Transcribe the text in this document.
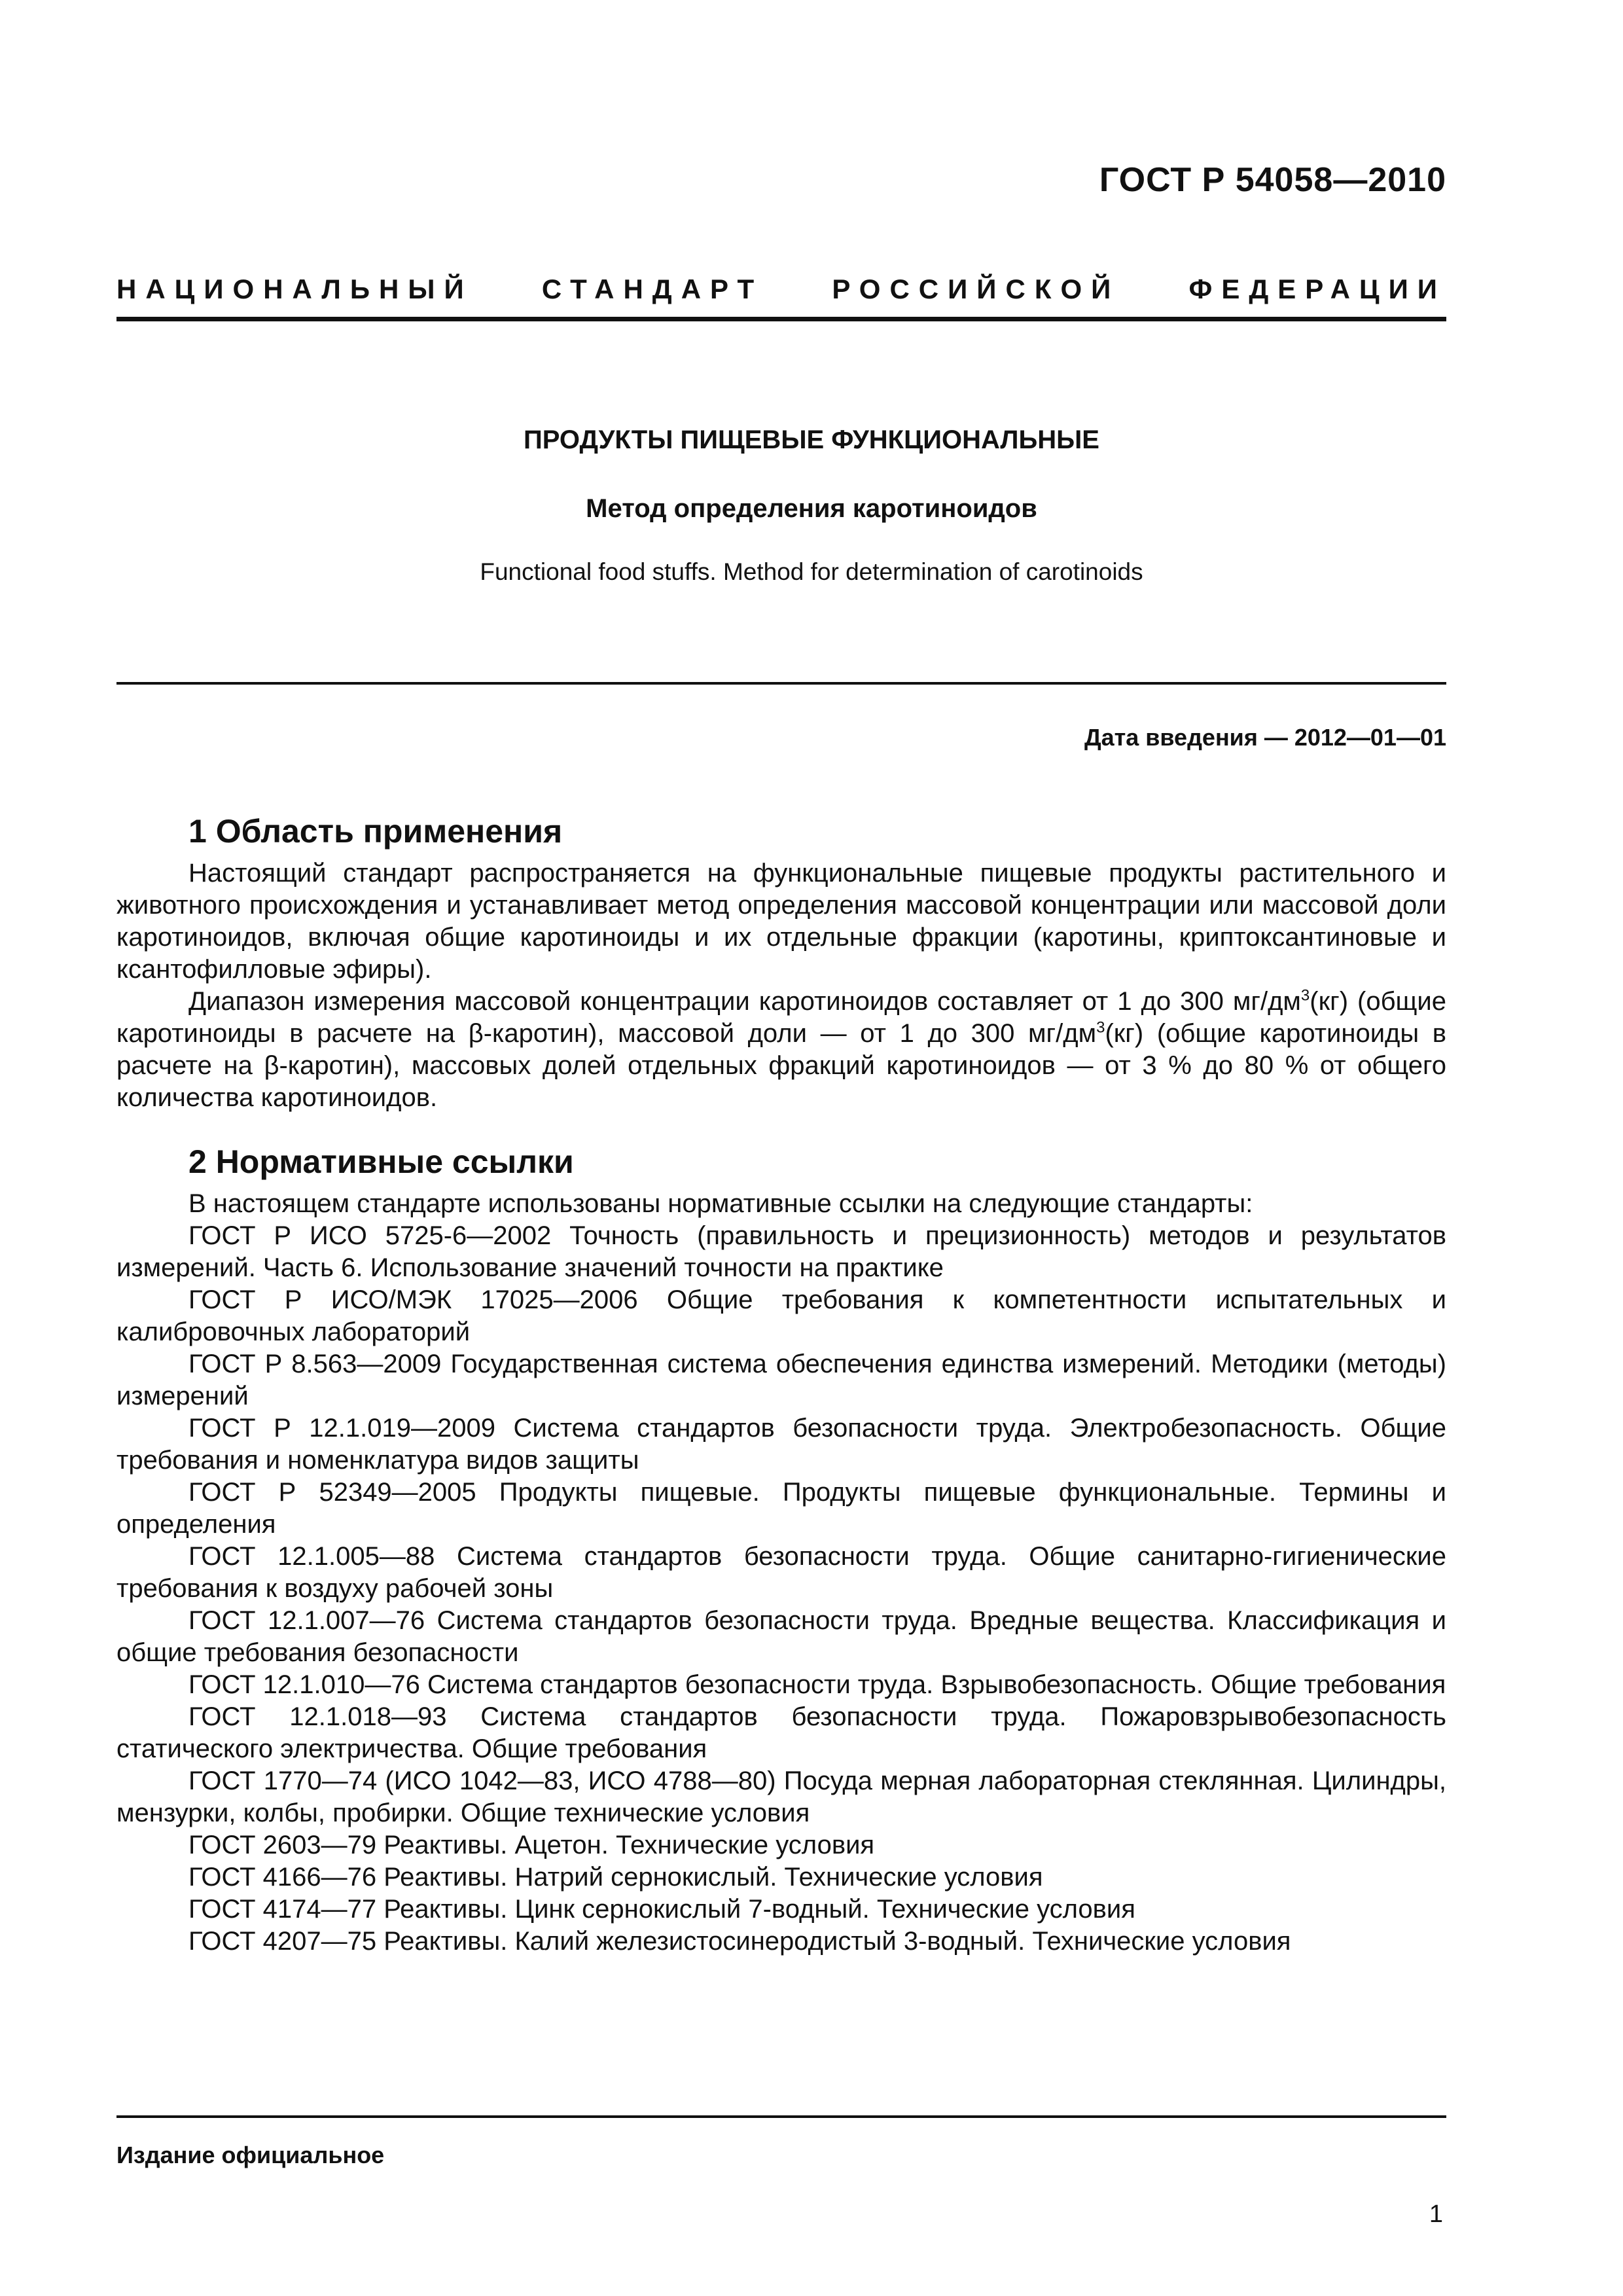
ГОСТ Р 54058—2010
НАЦИОНАЛЬНЫЙ СТАНДАРТ РОССИЙСКОЙ ФЕДЕРАЦИИ
ПРОДУКТЫ ПИЩЕВЫЕ ФУНКЦИОНАЛЬНЫЕ
Метод определения каротиноидов
Functional food stuffs. Method for determination of carotinoids
Дата введения — 2012—01—01
1 Область применения

Настоящий стандарт распространяется на функциональные пищевые продукты растительного и животного происхождения и устанавливает метод определения массовой концентрации или массовой доли каротиноидов, включая общие каротиноиды и их отдельные фракции (каротины, криптоксантиновые и ксантофилловые эфиры).

Диапазон измерения массовой концентрации каротиноидов составляет от 1 до 300 $мг/дм^3(кг)$ (общие каротиноиды в расчете на β-каротин), массовой доли — от 1 до 300 $мг/дм^3(кг)$ (общие каротиноиды в расчете на β-каротин), массовых долей отдельных фракций каротиноидов — от 3 % до 80 % от общего количества каротиноидов.

2 Нормативные ссылки

В настоящем стандарте использованы нормативные ссылки на следующие стандарты:

ГОСТ Р ИСО 5725-6—2002 Точность (правильность и прецизионность) методов и результатов измерений. Часть 6. Использование значений точности на практике

ГОСТ Р ИСО/МЭК 17025—2006 Общие требования к компетентности испытательных и калибровочных лабораторий

ГОСТ Р 8.563—2009 Государственная система обеспечения единства измерений. Методики (методы) измерений

ГОСТ Р 12.1.019—2009 Система стандартов безопасности труда. Электробезопасность. Общие требования и номенклатура видов защиты

ГОСТ Р 52349—2005 Продукты пищевые. Продукты пищевые функциональные. Термины и определения

ГОСТ 12.1.005—88 Система стандартов безопасности труда. Общие санитарно-гигиенические требования к воздуху рабочей зоны

ГОСТ 12.1.007—76 Система стандартов безопасности труда. Вредные вещества. Классификация и общие требования безопасности

ГОСТ 12.1.010—76 Система стандартов безопасности труда. Взрывобезопасность. Общие требования

ГОСТ 12.1.018—93 Система стандартов безопасности труда. Пожаровзрывобезопасность статического электричества. Общие требования

ГОСТ 1770—74 (ИСО 1042—83, ИСО 4788—80) Посуда мерная лабораторная стеклянная. Цилиндры, мензурки, колбы, пробирки. Общие технические условия

ГОСТ 2603—79 Реактивы. Ацетон. Технические условия

ГОСТ 4166—76 Реактивы. Натрий сернокислый. Технические условия

ГОСТ 4174—77 Реактивы. Цинк сернокислый 7-водный. Технические условия

ГОСТ 4207—75 Реактивы. Калий железистосинеродистый 3-водный. Технические условия

Издание официальное
1
